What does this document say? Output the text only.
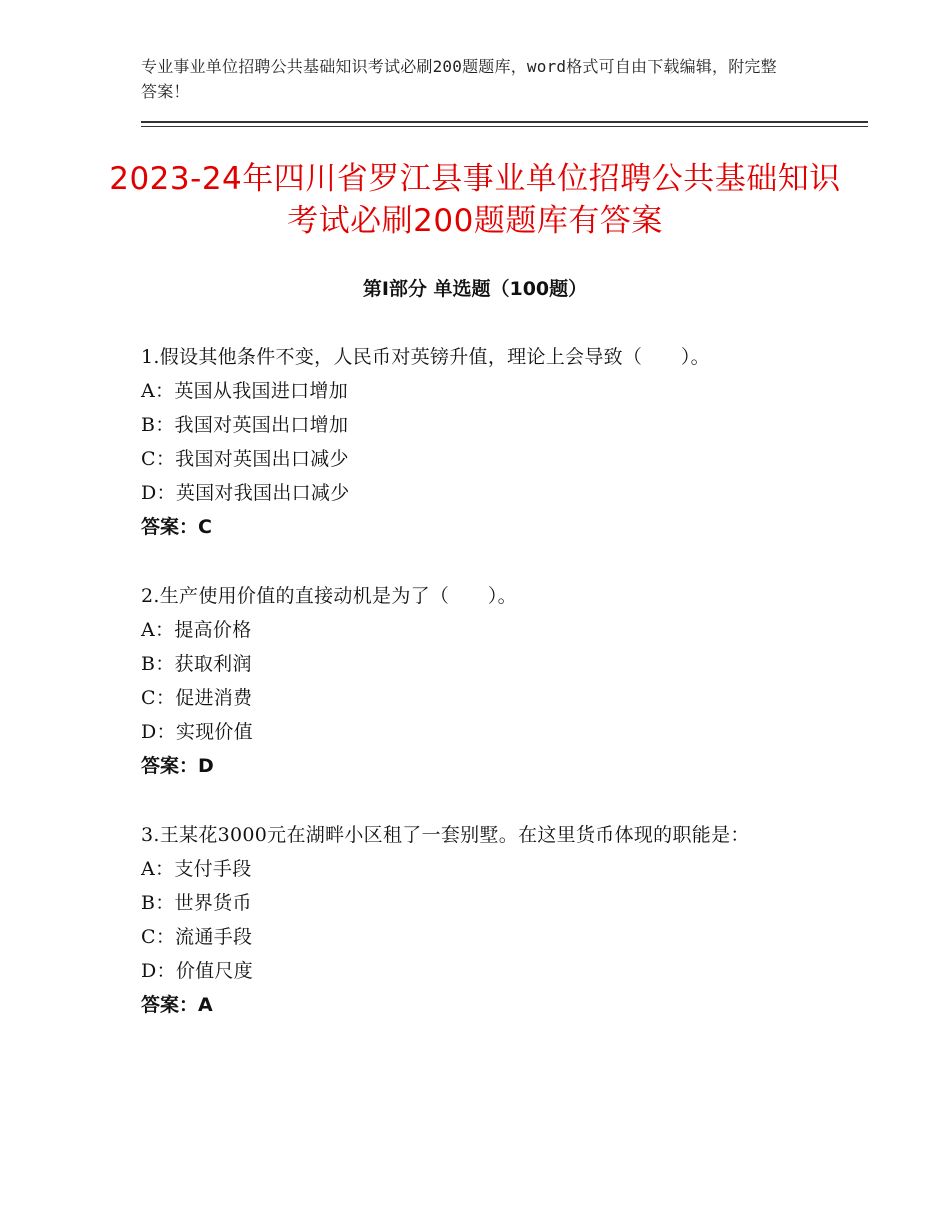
专业事业单位招聘公共基础知识考试必刷200题题库，word格式可自由下载编辑，附完整答案！
2023-24年四川省罗江县事业单位招聘公共基础知识考试必刷200题题库有答案
第Ⅰ部分 单选题（100题）
1.假设其他条件不变，人民币对英镑升值，理论上会导致（　　）。
A：英国从我国进口增加
B：我国对英国出口增加
C：我国对英国出口减少
D：英国对我国出口减少
答案：C
2.生产使用价值的直接动机是为了（　　）。
A：提高价格
B：获取利润
C：促进消费
D：实现价值
答案：D
3.王某花3000元在湖畔小区租了一套别墅。在这里货币体现的职能是：
A：支付手段
B：世界货币
C：流通手段
D：价值尺度
答案：A
